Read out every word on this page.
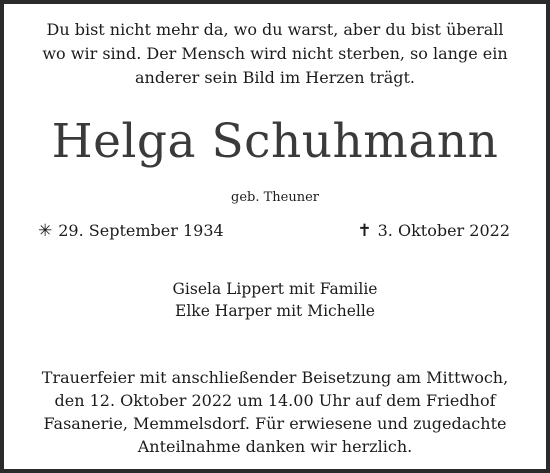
Du bist nicht mehr da, wo du warst, aber du bist überall
wo wir sind. Der Mensch wird nicht sterben, so lange ein
anderer sein Bild im Herzen trägt.
Helga Schuhmann
geb. Theuner
✳ 29. September 1934	✝ 3. Oktober 2022
Gisela Lippert mit Familie
Elke Harper mit Michelle
Trauerfeier mit anschließender Beisetzung am Mittwoch,
den 12. Oktober 2022 um 14.00 Uhr auf dem Friedhof
Fasanerie, Memmelsdorf. Für erwiesene und zugedachte
Anteilnahme danken wir herzlich.
